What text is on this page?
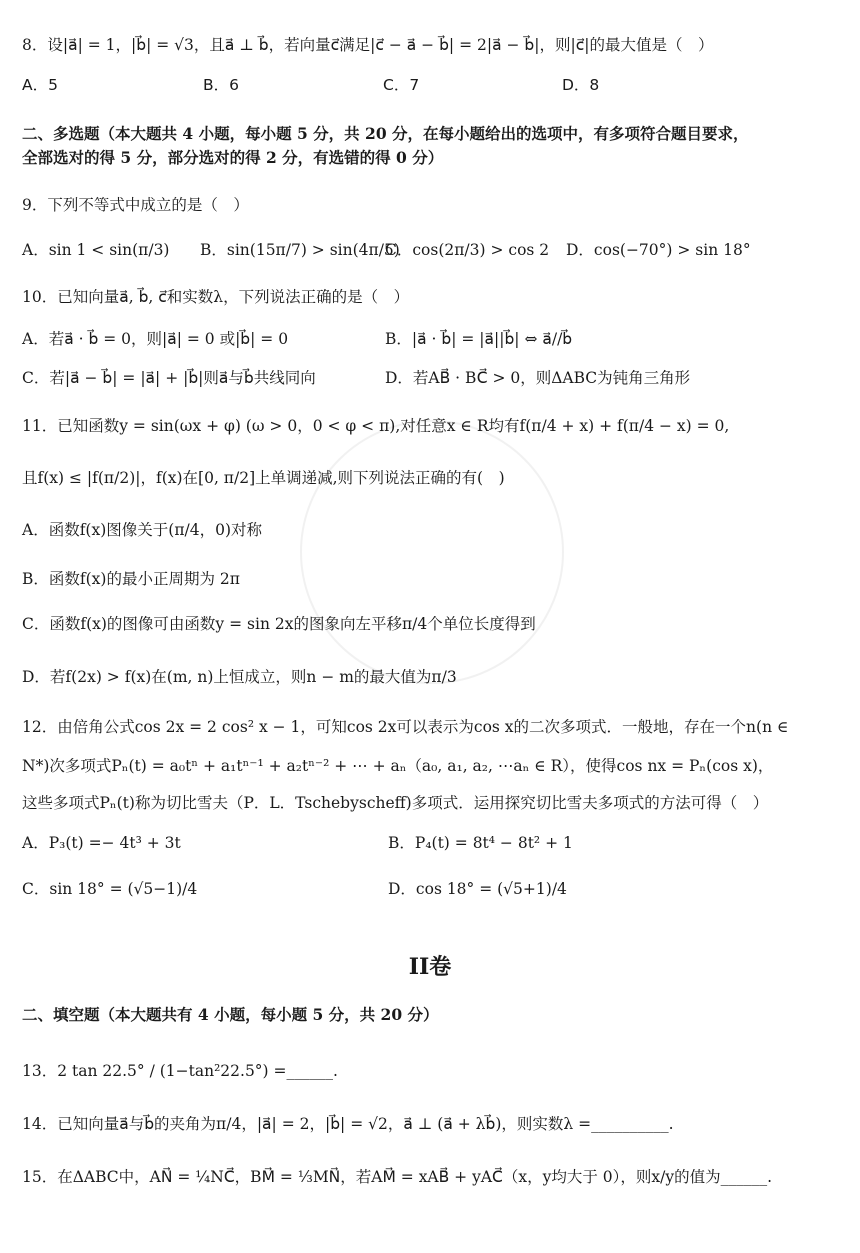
8．设|a⃗| = 1，|b⃗| = √3，且a⃗ ⊥ b⃗，若向量c⃗满足|c⃗ − a⃗ − b⃗| = 2|a⃗ − b⃗|，则|c⃗|的最大值是（　）
A．5	B．6	C．7	D．8
二、多选题（本大题共 4 小题，每小题 5 分，共 20 分，在每小题给出的选项中，有多项符合题目要求，
全部选对的得 5 分，部分选对的得 2 分，有选错的得 0 分）
9．下列不等式中成立的是（　）
A．sin 1 < sin(π/3) B．sin(15π/7) > sin(4π/5)
C．cos(2π/3) > cos 2 D．cos(−70°) > sin 18°
10．已知向量a⃗, b⃗, c⃗和实数λ，下列说法正确的是（　）
A．若a⃗ · b⃗ = 0，则|a⃗| = 0 或|b⃗| = 0	B．|a⃗ · b⃗| = |a⃗||b⃗| ⇔ a⃗//b⃗
C．若|a⃗ − b⃗| = |a⃗| + |b⃗|则a⃗与b⃗共线同向	D．若AB⃗ · BC⃗ > 0，则ΔABC为钝角三角形
11．已知函数y = sin(ωx + φ) (ω > 0，0 < φ < π),对任意x ∈ R均有f(π/4 + x) + f(π/4 − x) = 0,
且f(x) ≤ |f(π/2)|，f(x)在[0, π/2]上单调递减,则下列说法正确的有(　)
A．函数f(x)图像关于(π/4，0)对称
B．函数f(x)的最小正周期为 2π
C．函数f(x)的图像可由函数y = sin 2x的图象向左平移π/4个单位长度得到
D．若f(2x) > f(x)在(m, n)上恒成立，则n − m的最大值为π/3
12．由倍角公式cos 2x = 2 cos² x − 1，可知cos 2x可以表示为cos x的二次多项式．一般地，存在一个n(n ∈
N*)次多项式Pₙ(t) = a₀tⁿ + a₁tⁿ⁻¹ + a₂tⁿ⁻² + ⋯ + aₙ（a₀, a₁, a₂, ⋯aₙ ∈ R），使得cos nx = Pₙ(cos x)，
这些多项式Pₙ(t)称为切比雪夫（P．L．Tschebyscheff)多项式．运用探究切比雪夫多项式的方法可得（　）
A．P₃(t) =− 4t³ + 3t	B．P₄(t) = 8t⁴ − 8t² + 1
C．sin 18° = (√5−1)/4	D．cos 18° = (√5+1)/4
II卷
二、填空题（本大题共有 4 小题，每小题 5 分，共 20 分）
13．2 tan 22.5° / (1−tan²22.5°) =______.
14．已知向量a⃗与b⃗的夹角为π/4，|a⃗| = 2，|b⃗| = √2，a⃗ ⊥ (a⃗ + λb⃗)，则实数λ =__________.
15．在ΔABC中，AN⃗ = ¼NC⃗，BM⃗ = ⅓MN⃗，若AM⃗ = xAB⃗ + yAC⃗（x，y均大于 0），则x/y的值为______.
